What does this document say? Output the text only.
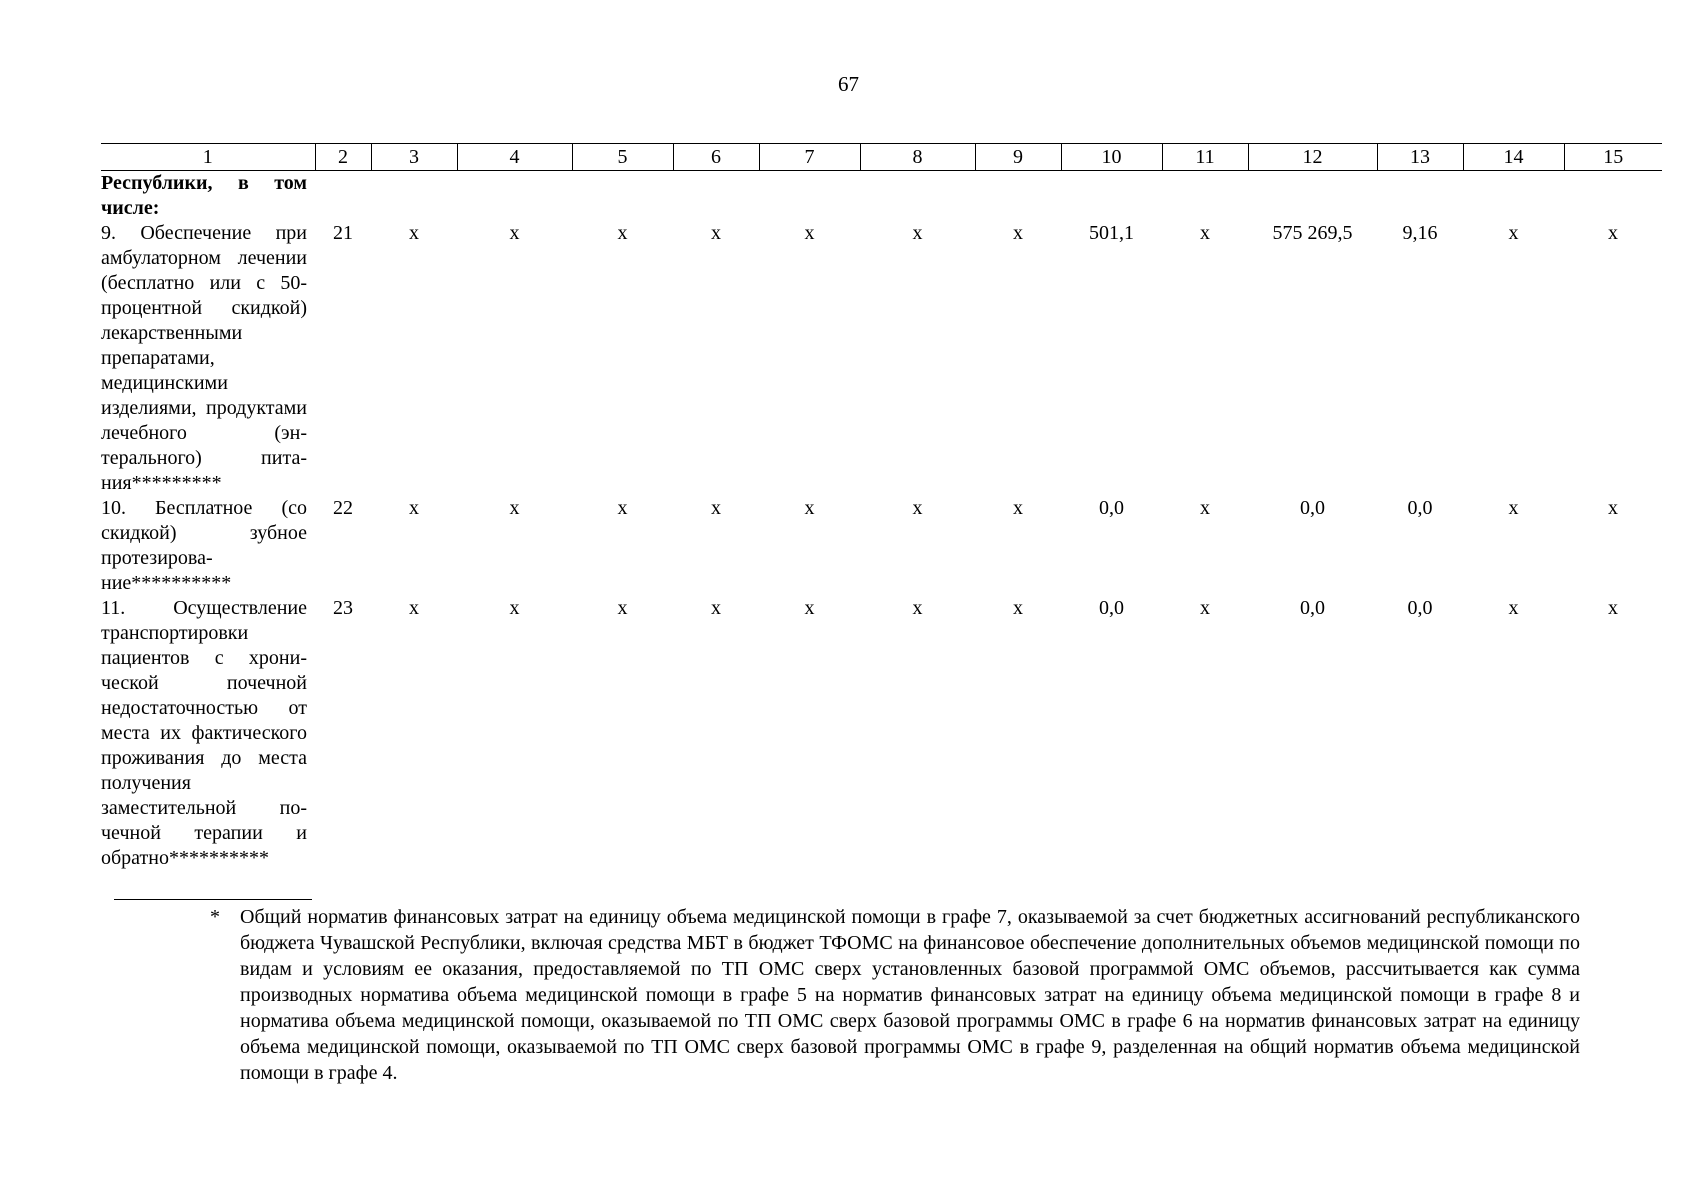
67
1	2	3	4	5	6	7	8	9	10	11	12	13	14	15
Республики, в том числе:														
9. Обеспечение при амбулаторном лечении (бесплатно или с 50-процентной скидкой) лекарственными препаратами, медицинскими изделиями, продуктами лечебного (энтерального) питания*********	21	х	х	х	х	х	х	х	501,1	х	575 269,5	9,16	х	х
10. Бесплатное (со скидкой) зубное протезирование**********	22	х	х	х	х	х	х	х	0,0	х	0,0	0,0	х	х
11. Осуществление транспортировки пациентов с хронической почечной недостаточностью от места их фактического проживания до места получения заместительной почечной терапии и обратно**********	23	х	х	х	х	х	х	х	0,0	х	0,0	0,0	х	х
*	Общий норматив финансовых затрат на единицу объема медицинской помощи в графе 7, оказываемой за счет бюджетных ассигнований республиканского бюджета Чувашской Республики, включая средства МБТ в бюджет ТФОМС на финансовое обеспечение дополнительных объемов медицинской помощи по видам и условиям ее оказания, предоставляемой по ТП ОМС сверх установленных базовой программой ОМС объемов, рассчитывается как сумма производных норматива объема медицинской помощи в графе 5 на норматив финансовых затрат на единицу объема медицинской помощи в графе 8 и норматива объема медицинской помощи, оказываемой по ТП ОМС сверх базовой программы ОМС в графе 6 на норматив финансовых затрат на единицу объема медицинской помощи, оказываемой по ТП ОМС сверх базовой программы ОМС в графе 9, разделенная на общий норматив объема медицинской помощи в графе 4.
